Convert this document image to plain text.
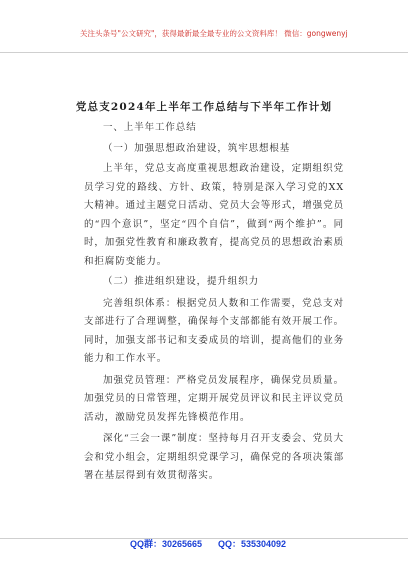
关注头条号"公文研究"，获得最新最全最专业的公文资料库！ 微信：gongwenyj

党总支2024年上半年工作总结与下半年工作计划

一、上半年工作总结

（一）加强思想政治建设，筑牢思想根基

上半年，党总支高度重视思想政治建设，定期组织党员学习党的路线、方针、政策，特别是深入学习党的XX大精神。通过主题党日活动、党员大会等形式，增强党员的“四个意识”，坚定“四个自信”，做到“两个维护”。同时，加强党性教育和廉政教育，提高党员的思想政治素质和拒腐防变能力。

（二）推进组织建设，提升组织力

完善组织体系：根据党员人数和工作需要，党总支对支部进行了合理调整，确保每个支部都能有效开展工作。同时，加强支部书记和支委成员的培训，提高他们的业务能力和工作水平。

加强党员管理：严格党员发展程序，确保党员质量。加强党员的日常管理，定期开展党员评议和民主评议党员活动，激励党员发挥先锋模范作用。

深化“三会一课”制度：坚持每月召开支委会、党员大会和党小组会，定期组织党课学习，确保党的各项决策部署在基层得到有效贯彻落实。

QQ群：30265665 QQ：535304092
